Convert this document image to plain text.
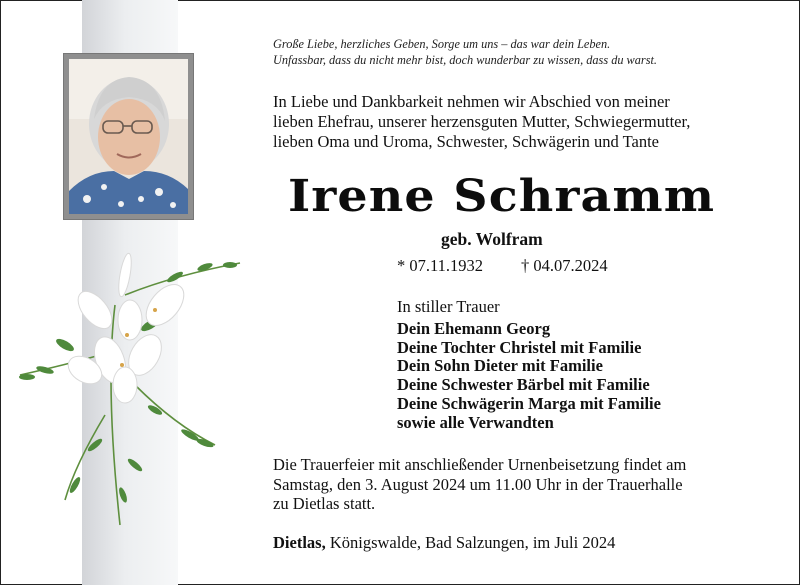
Große Liebe, herzliches Geben, Sorge um uns – das war dein Leben.
Unfassbar, dass du nicht mehr bist, doch wunderbar zu wissen, dass du warst.
In Liebe und Dankbarkeit nehmen wir Abschied von meiner
lieben Ehefrau, unserer herzensguten Mutter, Schwiegermutter,
lieben Oma und Uroma, Schwester, Schwägerin und Tante
Irene Schramm
geb. Wolfram
* 07.11.1932 † 04.07.2024
In stiller Trauer
Dein Ehemann Georg
Deine Tochter Christel mit Familie
Dein Sohn Dieter mit Familie
Deine Schwester Bärbel mit Familie
Deine Schwägerin Marga mit Familie
sowie alle Verwandten
Die Trauerfeier mit anschließender Urnenbeisetzung findet am
Samstag, den 3. August 2024 um 11.00 Uhr in der Trauerhalle
zu Dietlas statt.
Dietlas, Königswalde, Bad Salzungen, im Juli 2024
